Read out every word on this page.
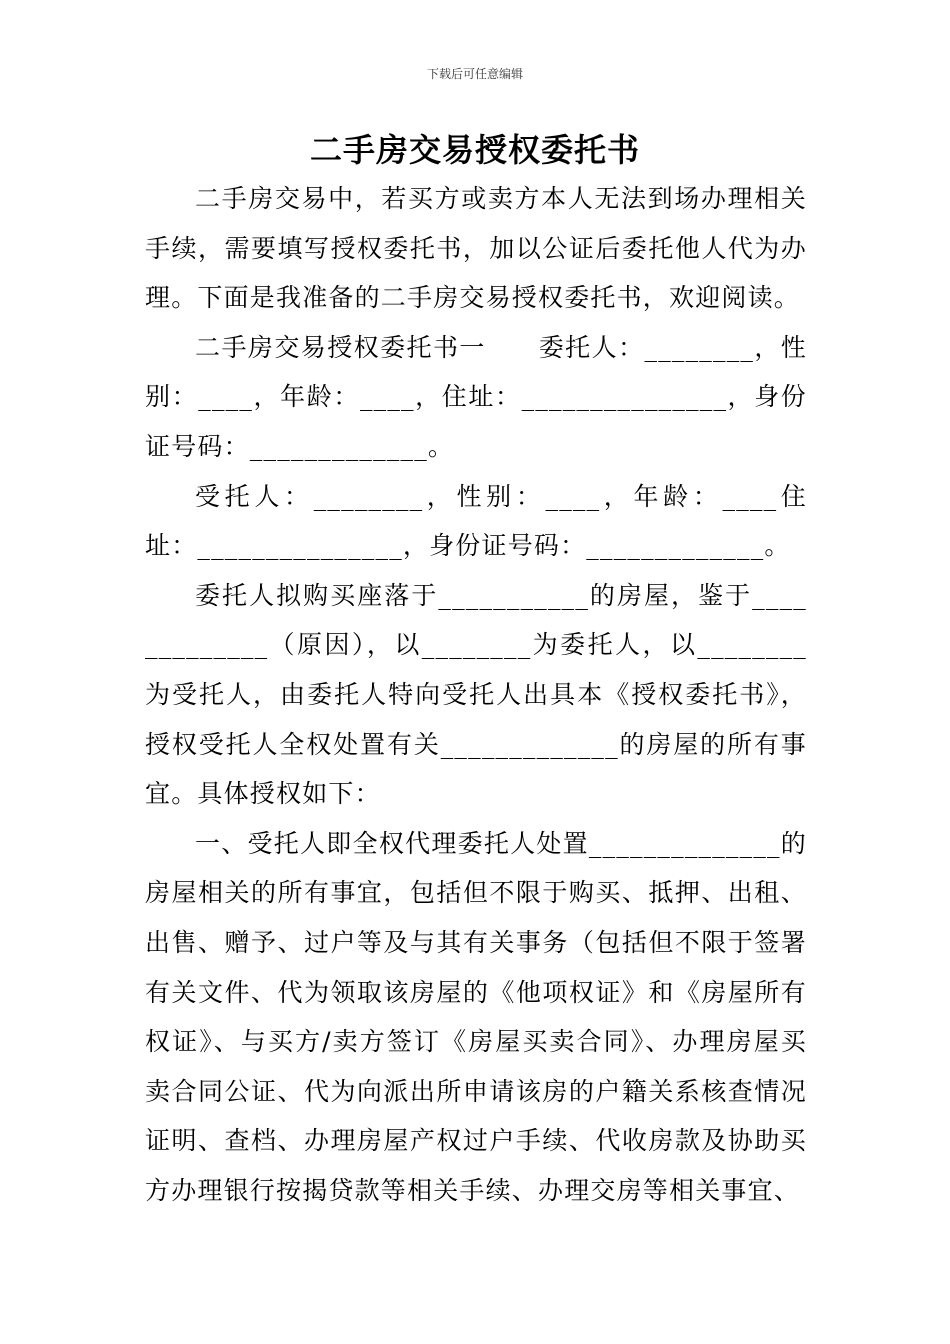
下载后可任意编辑
二手房交易授权委托书

二手房交易中，若买方或卖方本人无法到场办理相关手续，需要填写授权委托书，加以公证后委托他人代为办理。下面是我准备的二手房交易授权委托书，欢迎阅读。

二手房交易授权委托书一　　委托人：________，性别：____，年龄：____，住址：_______________，身份证号码：_____________。

受托人：________，性别：____，年龄：____住址：_______________，身份证号码：_____________。

委托人拟购买座落于___________的房屋，鉴于_____________（原因），以________为委托人，以________为受托人，由委托人特向受托人出具本《授权委托书》，授权受托人全权处置有关_____________的房屋的所有事宜。具体授权如下：

一、受托人即全权代理委托人处置______________的房屋相关的所有事宜，包括但不限于购买、抵押、出租、出售、赠予、过户等及与其有关事务（包括但不限于签署有关文件、代为领取该房屋的《他项权证》和《房屋所有权证》、与买方/卖方签订《房屋买卖合同》、办理房屋买卖合同公证、代为向派出所申请该房的户籍关系核查情况证明、查档、办理房屋产权过户手续、代收房款及协助买方办理银行按揭贷款等相关手续、办理交房等相关事宜、
